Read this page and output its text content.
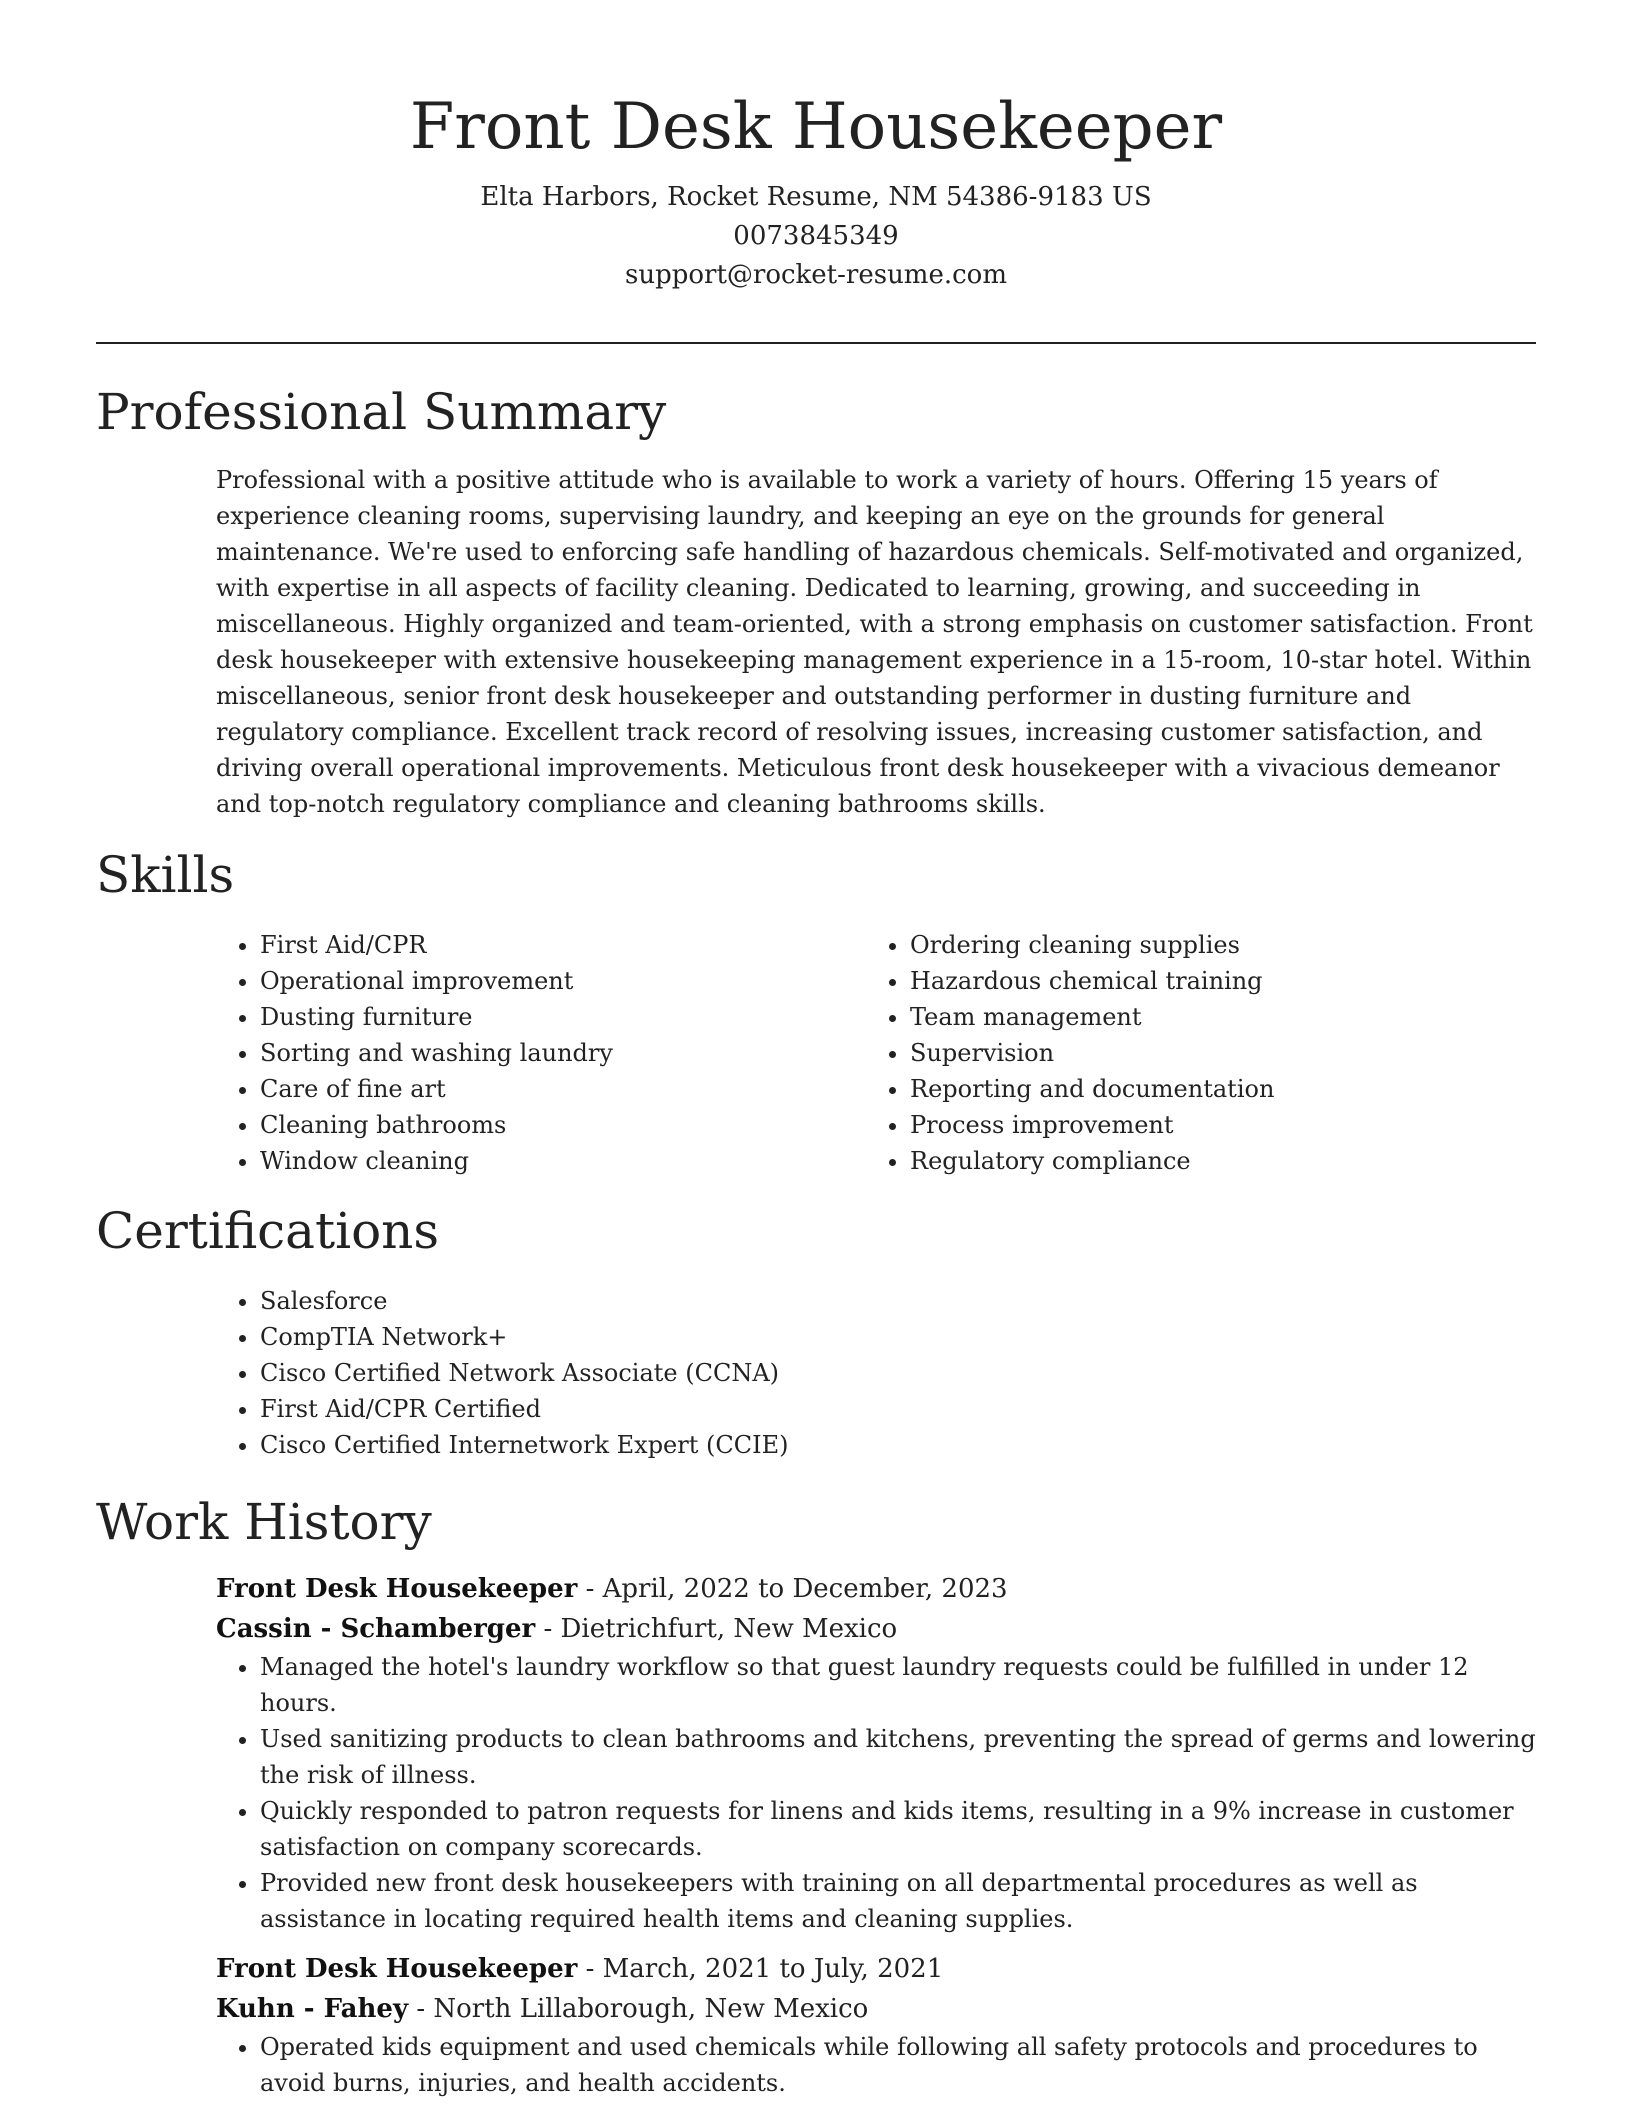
Front Desk Housekeeper
Elta Harbors, Rocket Resume, NM 54386-9183 US
0073845349
support@rocket-resume.com
Professional Summary
Professional with a positive attitude who is available to work a variety of hours. Offering 15 years of experience cleaning rooms, supervising laundry, and keeping an eye on the grounds for general maintenance. We're used to enforcing safe handling of hazardous chemicals. Self-motivated and organized, with expertise in all aspects of facility cleaning. Dedicated to learning, growing, and succeeding in miscellaneous. Highly organized and team-oriented, with a strong emphasis on customer satisfaction. Front desk housekeeper with extensive housekeeping management experience in a 15-room, 10-star hotel. Within miscellaneous, senior front desk housekeeper and outstanding performer in dusting furniture and regulatory compliance. Excellent track record of resolving issues, increasing customer satisfaction, and driving overall operational improvements. Meticulous front desk housekeeper with a vivacious demeanor and top-notch regulatory compliance and cleaning bathrooms skills.
Skills
• First Aid/CPR
• Operational improvement
• Dusting furniture
• Sorting and washing laundry
• Care of fine art
• Cleaning bathrooms
• Window cleaning
• Ordering cleaning supplies
• Hazardous chemical training
• Team management
• Supervision
• Reporting and documentation
• Process improvement
• Regulatory compliance
Certifications
• Salesforce
• CompTIA Network+
• Cisco Certified Network Associate (CCNA)
• First Aid/CPR Certified
• Cisco Certified Internetwork Expert (CCIE)
Work History
Front Desk Housekeeper - April, 2022 to December, 2023
Cassin - Schamberger - Dietrichfurt, New Mexico
• Managed the hotel's laundry workflow so that guest laundry requests could be fulfilled in under 12 hours.
• Used sanitizing products to clean bathrooms and kitchens, preventing the spread of germs and lowering the risk of illness.
• Quickly responded to patron requests for linens and kids items, resulting in a 9% increase in customer satisfaction on company scorecards.
• Provided new front desk housekeepers with training on all departmental procedures as well as assistance in locating required health items and cleaning supplies.
Front Desk Housekeeper - March, 2021 to July, 2021
Kuhn - Fahey - North Lillaborough, New Mexico
• Operated kids equipment and used chemicals while following all safety protocols and procedures to avoid burns, injuries, and health accidents.
